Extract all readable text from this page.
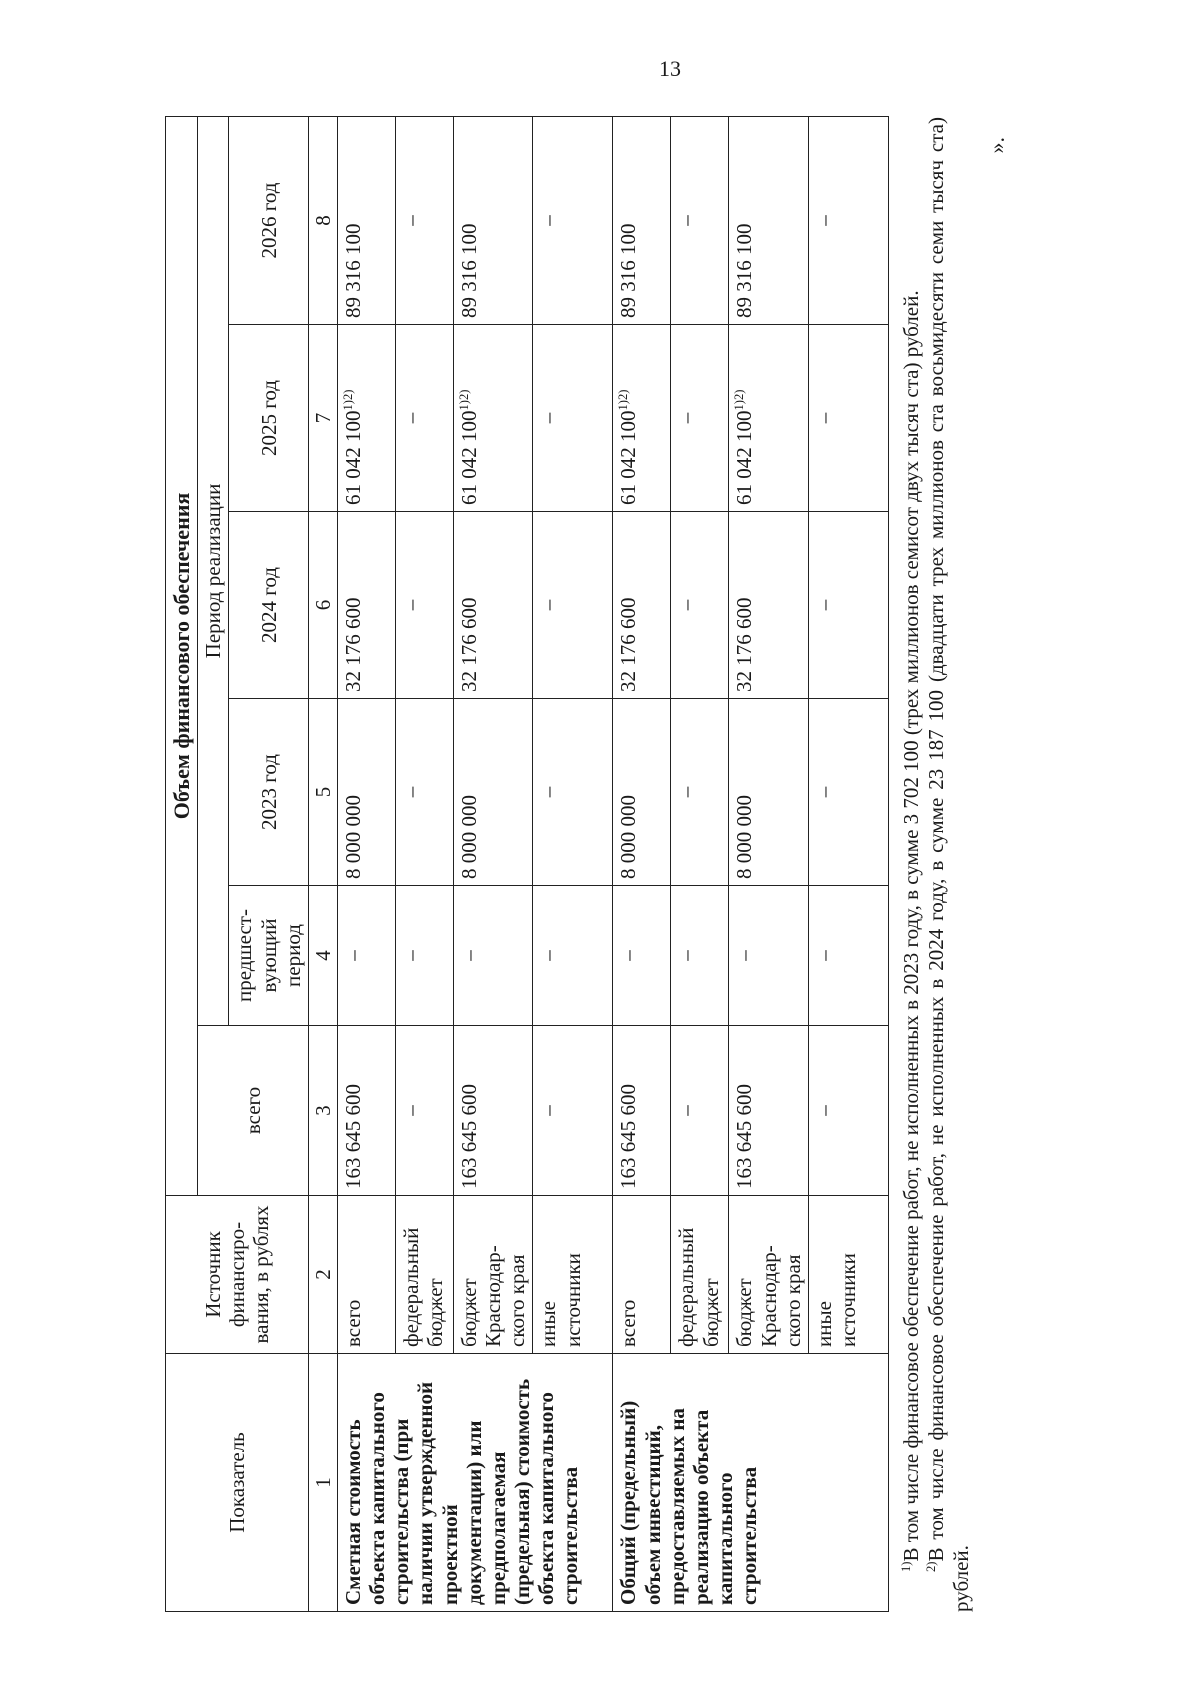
13
Показатель	Источник финансиро-вания, в рублях	Объем финансового обеспечения					
		всего	Период реализации				
			предшест-вующий период	2023 год	2024 год	2025 год	2026 год
1	2	3	4	5	6	7	8
Сметная стоимость объекта капитального строительства (при наличии утвержденной проектной документации) или предполагаемая (предельная) стоимость объекта капитального строительства	всего	163 645 600	–	8 000 000	32 176 600	61 042 $100^{1)2)}$	89 316 100
	федеральный бюджет	–	–	–	–	–	–
	бюджет Краснодар-ского края	163 645 600	–	8 000 000	32 176 600	61 042 $100^{1)2)}$	89 316 100
	иные источники	–	–	–	–	–	–
Общий (предельный) объем инвестиций, предоставляемых на реализацию объекта капитального строительства	всего	163 645 600	–	8 000 000	32 176 600	61 042 $100^{1)2)}$	89 316 100
	федеральный бюджет	–	–	–	–	–	–
	бюджет Краснодар-ского края	163 645 600	–	8 000 000	32 176 600	61 042 $100^{1)2)}$	89 316 100
	иные источники	–	–	–	–	–	–

$^{1)}$В том числе финансовое обеспечение работ, не исполненных в 2023 году, в сумме 3 702 100 (трех миллионов семисот двух тысяч ста) рублей.

$^{2)}$В том числе финансовое обеспечение работ, не исполненных в 2024 году, в сумме 23 187 100 (двадцати трех миллионов ста восьмидесяти семи тысяч ста) рублей.

».
